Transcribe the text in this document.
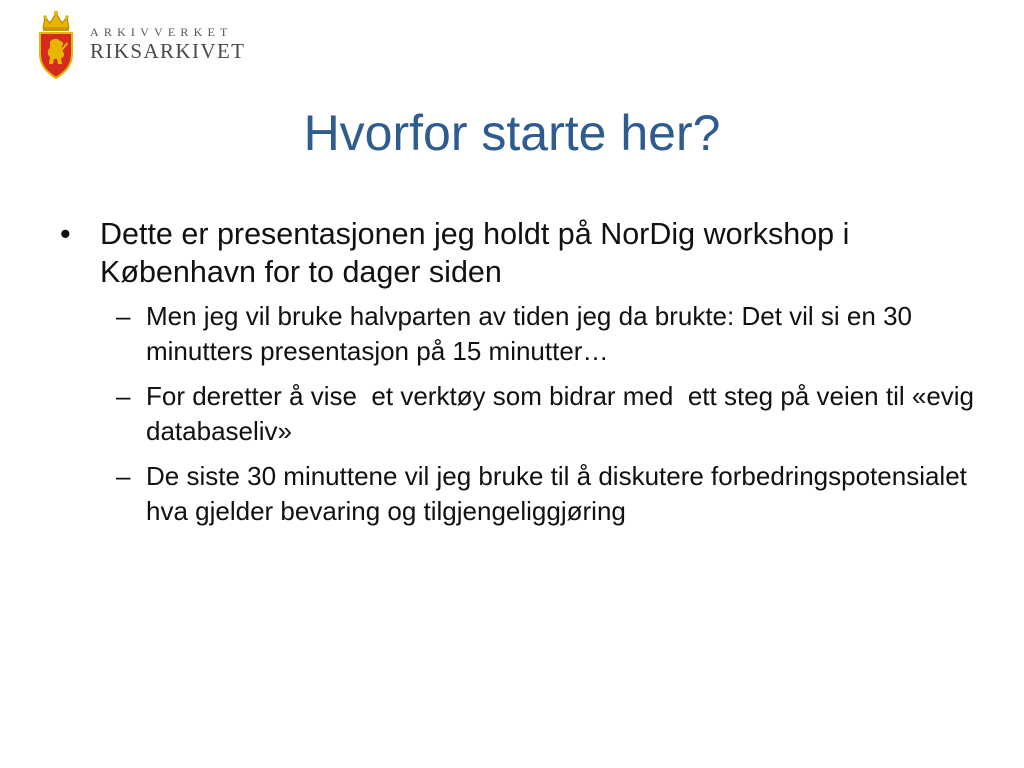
ARKIVVERKET
RIKSARKIVET
Hvorfor starte her?
• Dette er presentasjonen jeg holdt på NorDig workshop i København for to dager siden
– Men jeg vil bruke halvparten av tiden jeg da brukte: Det vil si en 30 minutters presentasjon på 15 minutter…
– For deretter å vise  et verktøy som bidrar med  ett steg på veien til «evig databaseliv»
– De siste 30 minuttene vil jeg bruke til å diskutere forbedringspotensialet hva gjelder bevaring og tilgjengeliggjøring
